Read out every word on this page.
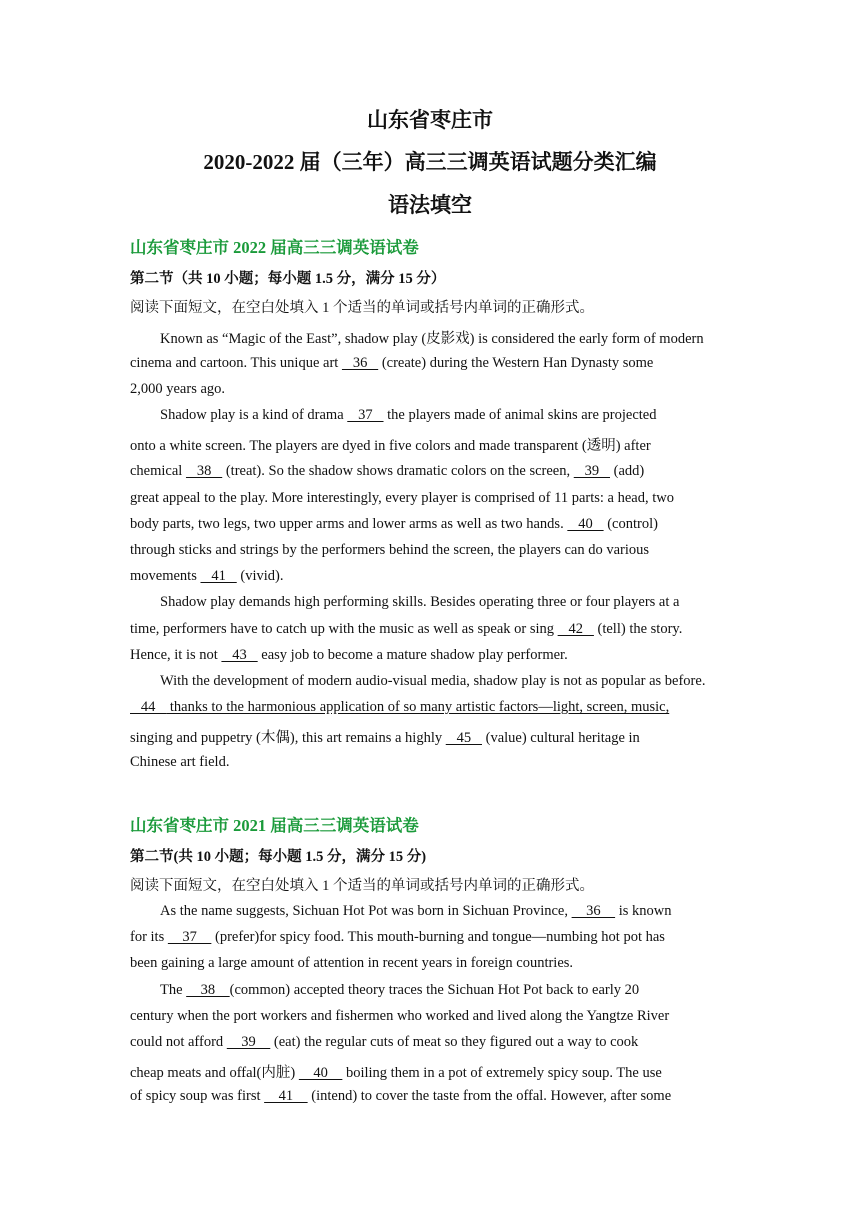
山东省枣庄市
2020-2022 届（三年）高三三调英语试题分类汇编
语法填空
山东省枣庄市 2022 届高三三调英语试卷
第二节（共 10 小题；每小题 1.5 分，满分 15 分）
阅读下面短文，在空白处填入 1 个适当的单词或括号内单词的正确形式。
Known as “Magic of the East”, shadow play (皮影戏) is considered the early form of modern
cinema and cartoon. This unique art    36    (create) during the Western Han Dynasty some
2,000 years ago.
Shadow play is a kind of drama    37    the players made of animal skins are projected
onto a white screen. The players are dyed in five colors and made transparent (透明) after
chemical    38    (treat). So the shadow shows dramatic colors on the screen,    39    (add)
great appeal to the play. More interestingly, every player is comprised of 11 parts: a head, two
body parts, two legs, two upper arms and lower arms as well as two hands.    40    (control)
through sticks and strings by the performers behind the screen, the players can do various
movements    41    (vivid).
Shadow play demands high performing skills. Besides operating three or four players at a
time, performers have to catch up with the music as well as speak or sing    42    (tell) the story.
Hence, it is not    43    easy job to become a mature shadow play performer.
With the development of modern audio-visual media, shadow play is not as popular as before.
44    thanks to the harmonious application of so many artistic factors—light, screen, music,
singing and puppetry (木偶), this art remains a highly    45    (value) cultural heritage in
Chinese art field.
山东省枣庄市 2021 届高三三调英语试卷
第二节(共 10 小题；每小题 1.5 分，满分 15 分)
阅读下面短文，在空白处填入 1 个适当的单词或括号内单词的正确形式。
As the name suggests, Sichuan Hot Pot was born in Sichuan Province,     36     is known
for its     37     (prefer)for spicy food. This mouth-burning and tongue—numbing hot pot has
been gaining a large amount of attention in recent years in foreign countries.
The     38    (common) accepted theory traces the Sichuan Hot Pot back to early 20
century when the port workers and fishermen who worked and lived along the Yangtze River
could not afford     39     (eat) the regular cuts of meat so they figured out a way to cook
cheap meats and offal(内脏)     40     boiling them in a pot of extremely spicy soup. The use
of spicy soup was first     41     (intend) to cover the taste from the offal. However, after some
